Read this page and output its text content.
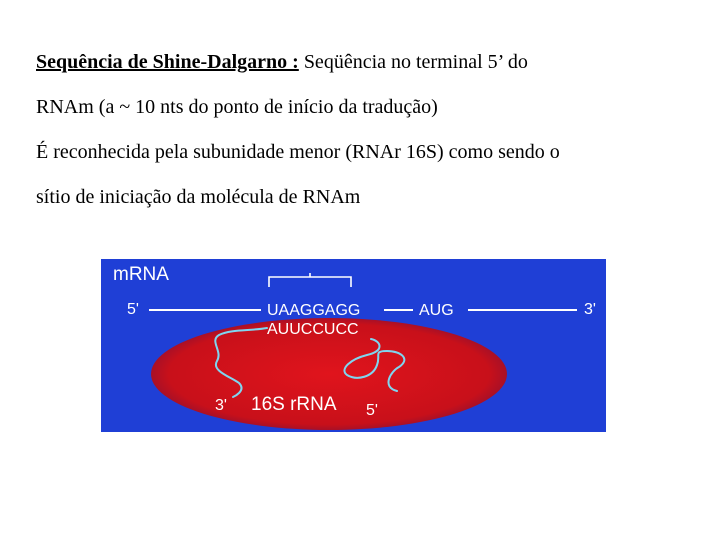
Sequência de Shine-Dalgarno : Seqüência no terminal 5’ do

RNAm (a ~ 10 nts do ponto de início da tradução)

É reconhecida pela subunidade menor (RNAr 16S) como sendo o

sítio de iniciação da molécula de RNAm

mRNA
5'	3'
UAAGGAGG	AUG
AUUCCUCC
3' 16S rRNA 5'
